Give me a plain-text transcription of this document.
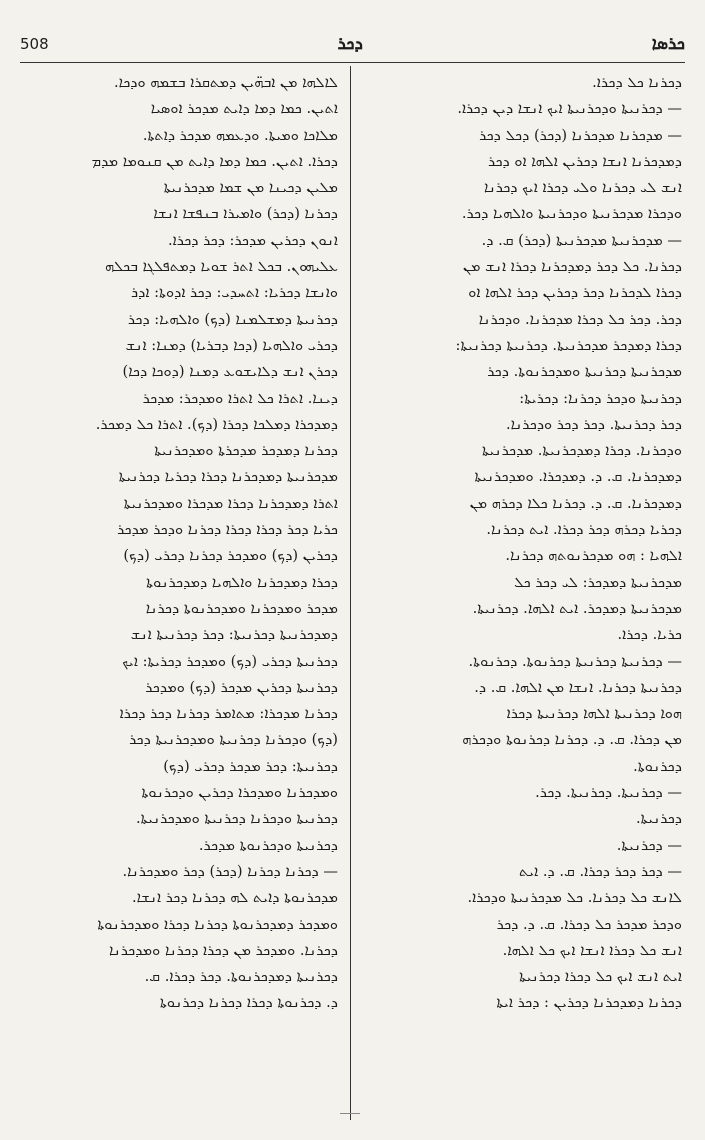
508	ܕܟܪ	ܟܪܣܐ
ܠܐܠܗܐ ܡܢ ܐܒܗ̈ܝܢ ܕܡܬܩܪܐ ܒܫܡܗ ܘܕܟܐ.
ܐܬܝܢ. ܟܡܐ ܕܡܐ ܕܐܝܬ ܡܕܟܪ ܐܘܣܝܐ
ܡܠܐܟܐ ܘܡܝܬܐ. ܘܕܥܡܗ ܡܕܟܪ ܕܐܬܬܐ.
ܕܟܪܐ. ܐܬܝܢ. ܟܡܐ ܕܡܐ ܕܐܝܬ ܡܢ ܩܢܘܡܐ ܡܕܡ
ܡܠܝܢ ܕܟܝܢܐ ܡܢ ܫܡܐ ܡܕܟܪܢܝܬܐ
ܕܟܪܢܐ (ܕܟܪ) ܘܐܡܝܪܐ ܒܢܦܫܐ ܐܢܫܐ
ܐܢܘܢ ܕܟܪܝܢ ܡܕܟܪ: ܕܟܪ ܕܟܪܐ.
ܥܠܝܗܘܢ. ܒܟܠ ܐܬܪ ܫܘܝܐ ܕܡܬܦܠܓܐ ܒܟܠܗ
ܘܐܢܫܐ ܕܟܪܝܐ: ܐܬܚܕܝ: ܕܟܪ ܐܕܘܬܐ: ܐܕܪ
ܕܟܪܢܝܬܐ ܕܡܫܠܡܢܐ (ܕܟ) ܘܐܠܗܝܐ: ܕܟܪ
ܕܟܪܝ ܘܐܠܗܝܐ (ܕܟܐ ܕܒܪܝܐ) ܕܡܢܐ: ܐܢܫ
ܕܟܪܢ ܐܢܫ ܕܠܐܝܫܘܥ ܕܡܢܐ (ܕܘܟܐ ܕܟܐ)
ܕܝܢܐ. ܐܬܪܐ ܟܠ ܐܬܪܐ ܘܡܕܟܪ: ܡܕܟܪ
ܕܡܕܟܪܐ ܕܡܠܟܐ ܕܟܪܐ (ܕܟ). ܐܬܪܐ ܟܠ ܕܡܟܪ.
ܕܟܪܢܐ ܕܡܕܟܪ ܡܕܟܪܬܐ ܘܡܕܟܪܢܝܬܐ
ܡܕܟܪܢܝܬܐ ܕܡܕܟܪܢܐ ܕܟܪܐ ܕܟܪܝܐ ܕܟܪܢܝܬܐ
ܐܬܪܐ ܕܡܕܟܪܢܐ ܕܟܪܐ ܡܕܟܪܐ ܘܡܕܟܪܢܝܬܐ
ܟܪܝܐ ܕܟܪ ܕܟܪܐ ܕܟܪܐ ܕܟܪܢܐ ܘܕܟܪ ܡܕܟܪ
ܕܟܪܝܢ (ܕܟ) ܘܡܕܟܪ ܕܟܪܢܐ ܕܟܪܝ (ܕܟ)
ܕܟܪܐ ܕܡܕܟܪܢܐ ܘܐܠܗܝܐ ܕܡܕܟܪܢܘܬܐ
ܡܕܟܪ ܘܡܕܟܪܢܐ ܘܡܕܟܪܢܘܬܐ ܕܟܪܢܐ
ܕܡܕܟܪܢܝܬܐ ܕܟܪܢܝܬܐ: ܕܟܪ ܕܟܪܢܝܬܐ ܐܢܫ
ܕܟܪܢܝܬܐ ܕܟܪܝ (ܕܟ) ܘܡܕܟܪ ܕܟܪܝܬܐ: ܐܝܟ
ܕܟܪܢܝܬܐ ܕܟܪܝܢ ܡܕܟܪ (ܕܟ) ܘܡܕܟܪ
ܕܟܪܢܐ ܡܕܟܪܐ: ܡܬܐܡܪ ܕܟܪܢܐ ܕܟܪ ܕܟܪܐ
(ܕܟ) ܘܕܟܪܢܐ ܕܟܪܢܝܬܐ ܘܡܕܟܪܢܝܬܐ ܕܟܪ
ܕܟܪܢܝܬܐ: ܕܟܪ ܡܕܟܪ ܕܟܪܝ (ܕܟ)
ܘܡܕܟܪܢܐ ܘܡܕܟܪܐ ܕܟܪܝܢ ܘܕܟܪܢܘܬܐ
ܕܟܪܢܝܬܐ ܘܕܟܪܢܐ ܕܟܪܢܝܬܐ ܘܡܕܟܪܢܝܬܐ.
ܕܟܪܢܝܬܐ ܘܕܟܪܢܘܬܐ ܡܕܟܪ.
— ܕܟܪܢܐ ܕܟܪܢܐ (ܕܟܪ) ܕܟܪ ܘܡܕܟܪܢܐ.
ܡܕܟܪܢܘܬܐ ܕܐܝܬ ܠܗ ܕܟܪܢܐ ܕܟܪ ܐܢܫܐ.
ܘܡܕܟܪ ܕܡܕܟܪܢܘܬܐ ܕܟܪܢܐ ܕܟܪܐ ܘܡܕܟܪܢܘܬܐ
ܕܟܪܢܐ. ܘܡܕܟܪ ܡܢ ܕܟܪܐ ܕܟܪܢܐ ܘܡܕܟܪܢܐ
ܕܟܪܢܝܬܐ ܕܡܕܟܪܢܘܬܐ. ܕܟܪ ܕܟܪܐ. ܩ.
ܕ. ܕܟܪܢܘܬܐ ܕܟܪܐ ܕܟܪܢܐ ܕܟܪܢܘܬܐ
ܕܟܪܢܐ ܟܠ ܕܟܪܐ.
— ܕܟܪܢܝܬܐ ܘܕܟܪܢܝܬܐ ܐܝܟ ܐܢܫܐ ܕܝܢ ܕܟܪܐ.
— ܡܕܟܪܢܐ ܡܕܟܪܢܐ (ܕܟܪ) ܕܟܠ ܕܟܪ
ܕܡܕܟܪܢܐ ܐܢܫܐ ܕܟܪܝܢ ܐܠܗܐ ܐܘ ܕܟܪ
ܐܢܫ ܠܝ ܕܟܪܢܐ ܘܠܝ ܕܟܪܐ ܐܝܟ ܕܟܪܢܐ
ܘܕܟܪܐ ܡܕܟܪܢܝܬܐ ܘܕܟܪܢܝܬܐ ܘܐܠܗܝܐ ܕܟܪ.
— ܡܕܟܪܢܝܬܐ ܡܕܟܪܢܝܬܐ (ܕܟܪ) ܩ. ܕ.
ܕܟܪܢܐ. ܟܠ ܕܟܪ ܕܡܕܟܪܢܐ ܕܟܪܐ ܐܢܫ ܡܢ
ܕܟܪܐ ܠܕܟܪܢܐ ܕܟܪ ܕܟܪܝܢ ܕܟܪ ܐܠܗܐ ܐܘ
ܕܟܪ. ܕܟܪ ܟܠ ܕܟܪܐ ܡܕܟܪܢܐ. ܘܕܟܪܢܐ
ܕܟܪܐ ܕܡܕܟܪ ܡܕܟܪܢܝܬܐ. ܕܟܪܢܝܬܐ ܕܟܪܢܝܬܐ:
ܡܕܟܪܢܝܬܐ ܕܟܪܢܝܬܐ ܘܡܕܟܪܢܘܬܐ. ܕܟܪ
ܕܟܪܢܝܬܐ ܘܕܟܪ ܕܟܪܢܐ: ܕܟܪܝܬܐ:
ܕܟܪ ܕܟܪܢܝܬܐ. ܕܟܪ ܕܟܪ ܘܕܟܪܢܐ.
ܘܕܟܪܢܐ. ܕܟܪܐ ܕܡܕܟܪܢܝܬܐ. ܡܕܟܪܢܝܬܐ
ܕܡܕܟܪܢܐ. ܩ. ܕ. ܕܡܕܟܪܐ. ܘܡܕܟܪܢܝܬܐ
ܕܡܕܟܪܢܐ. ܩ. ܕ. ܕܟܪܢܐ ܟܠܐ ܕܟܪܗ ܡܢ
ܕܟܪܝܐ ܕܟܪܗ ܕܟܪ ܕܟܪܐ. ܐܝܬ ܕܟܪܢܐ.
ܐܠܗܝܐ : ܗܘ ܡܕܟܪܢܘܬܗ ܕܟܪܢܐ.
ܡܕܟܪܢܝܬܐ ܕܡܕܟܪ: ܠܝ ܕܟܪ ܟܠ
ܡܕܟܪܢܝܬܐ ܕܡܕܟܪ. ܐܝܬ ܐܠܗܐ. ܕܟܪܢܝܬܐ.
ܟܪܝܐ. ܕܟܪܐ.
— ܕܟܪܢܝܬܐ ܕܟܪܢܝܬܐ ܕܟܪܢܘܬܐ. ܕܟܪܢܘܬܐ.
ܕܟܪܢܝܬܐ ܕܟܪܢܐ. ܐܢܫܐ ܡܢ ܐܠܗܐ. ܩ. ܕ.
ܗܘܐ ܕܟܪܢܝܬܐ ܐܠܗܐ ܕܟܪܢܝܬܐ ܕܟܪܐ
ܡܢ ܕܟܪܐ. ܩ. ܕ. ܕܟܪܢܐ ܕܟܪܢܘܬܐ ܘܕܟܪܗ
ܕܟܪܢܘܬܐ.
— ܕܟܪܢܝܬܐ. ܕܟܪܢܝܬܐ. ܕܟܪ.
ܕܟܪܢܝܬܐ.
— ܕܟܪܢܝܬܐ.
— ܕܟܪ ܕܟܪ ܕܟܪܐ. ܩ. ܕ. ܐܝܬ
ܠܐܢܫ ܟܠ ܕܟܪܢܐ. ܟܠ ܡܕܟܪܢܝܬܐ ܘܕܟܪܐ.
ܘܕܟܪ ܡܕܟܪ ܟܠ ܕܟܪܐ. ܩ. ܕ. ܕܟܪ
ܐܢܫ ܟܠ ܕܟܪܐ ܐܢܫܐ ܐܝܟ ܟܠ ܐܠܗܐ.
ܐܝܬ ܐܢܫ ܐܝܟ ܟܠ ܕܟܪܐ ܕܟܪܢܝܬܐ
ܕܟܪܢܐ ܕܡܕܟܪܢܐ ܕܟܪܝܢ : ܕܟܪ ܐܝܬܐ
